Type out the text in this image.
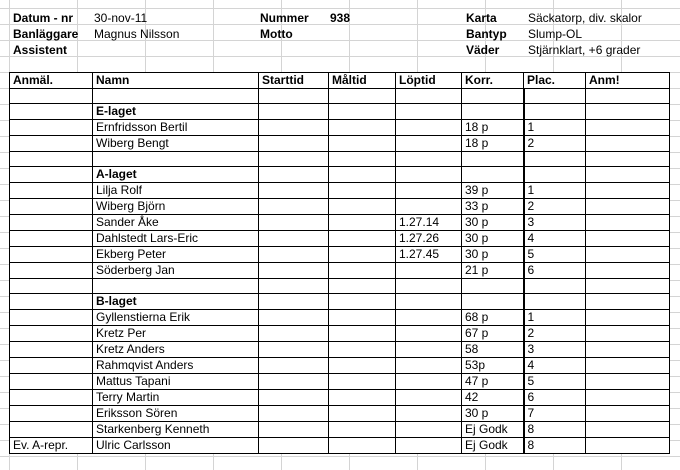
Datum - nr 30-nov-11
Banläggare Magnus Nilsson
Assistent
Nummer 938
Motto
Karta	Säckatorp, div. skalor
Bantyp Slump-OL
Väder Stjärnklart, +6 grader
Anmäl.	Namn	Starttid	Måltid	Löptid	Korr.	Plac.	Anm!

	E-laget						
	Ernfridsson Bertil				18 p	1	
	Wiberg Bengt				18 p	2	

	A-laget						
	Lilja Rolf				39 p	1	
	Wiberg Björn				33 p	2	
	Sander Åke			1.27.14	30 p	3	
	Dahlstedt Lars-Eric			1.27.26	30 p	4	
	Ekberg Peter			1.27.45	30 p	5	
	Söderberg Jan				21 p	6	

	B-laget						
	Gyllenstierna Erik				68 p	1	
	Kretz Per				67 p	2	
	Kretz Anders				58	3	
	Rahmqvist Anders				53p	4	
	Mattus Tapani				47 p	5	
	Terry Martin				42	6	
	Eriksson Sören				30 p	7	
	Starkenberg Kenneth				Ej Godk	8	
Ev. A-repr.	Ulric Carlsson				Ej Godk	8	
